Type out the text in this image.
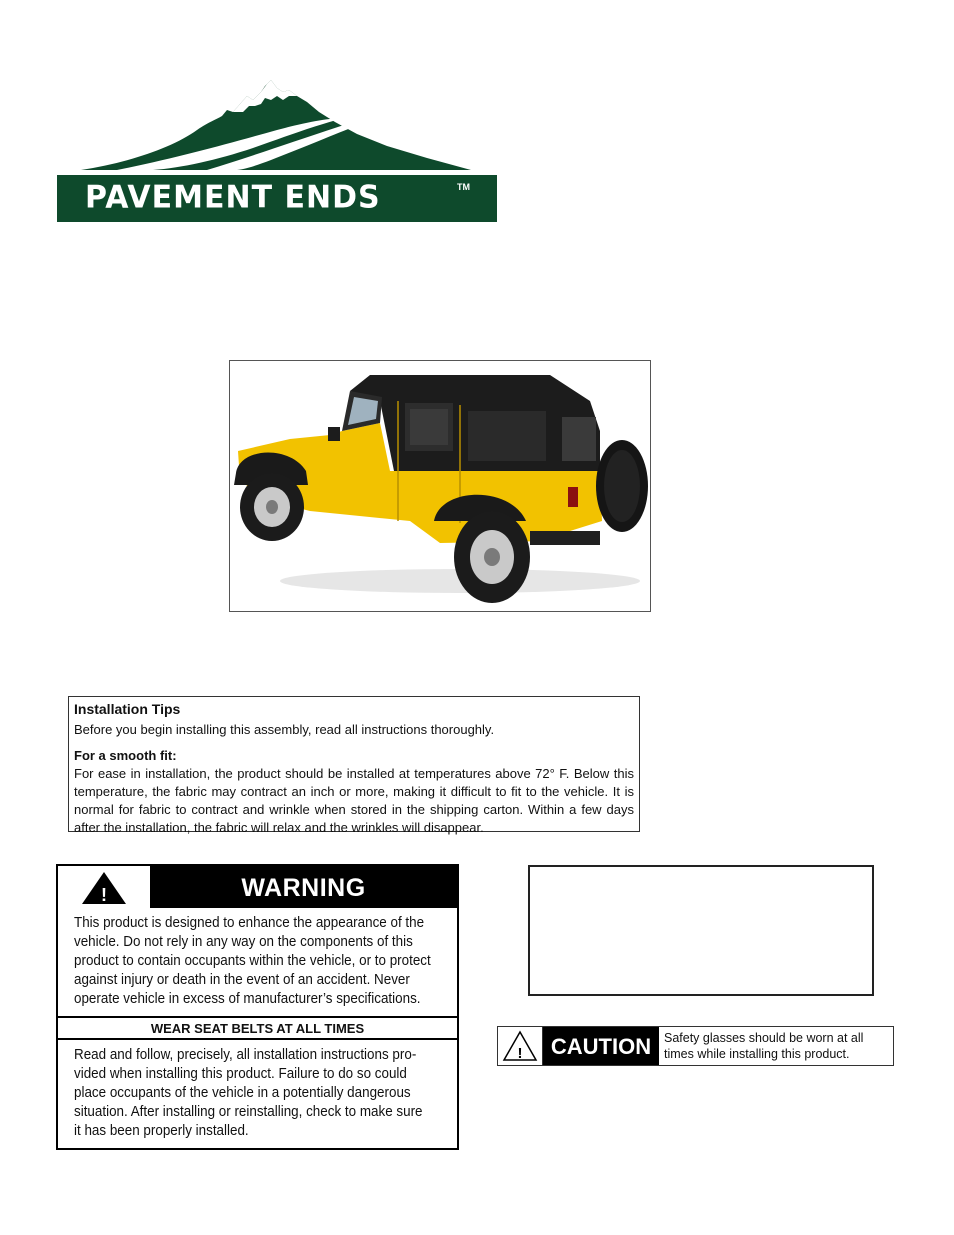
PAVEMENT ENDS	TM
Installation Tips
Before you begin installing this assembly, read all instructions thoroughly.
For a smooth fit:
For ease in installation, the product should be installed at temperatures above 72° F. Below this temperature, the fabric may contract an inch or more, making it difficult to fit to the vehicle. It is normal for fabric to contract and wrinkle when stored in the shipping carton. Within a few days after the installation, the fabric will relax and the wrinkles will disappear.
!	WARNING
This product is designed to enhance the appearance of the
vehicle. Do not rely in any way on the components of this
product to contain occupants within the vehicle, or to protect
against injury or death in the event of an accident. Never
operate vehicle in excess of manufacturer’s specifications.
WEAR SEAT BELTS AT ALL TIMES
Read and follow, precisely, all installation instructions pro-
vided when installing this product. Failure to do so could
place occupants of the vehicle in a potentially dangerous
situation. After installing or reinstalling, check to make sure
it has been properly installed.
!	CAUTION	Safety glasses should be worn at all
times while installing this product.
